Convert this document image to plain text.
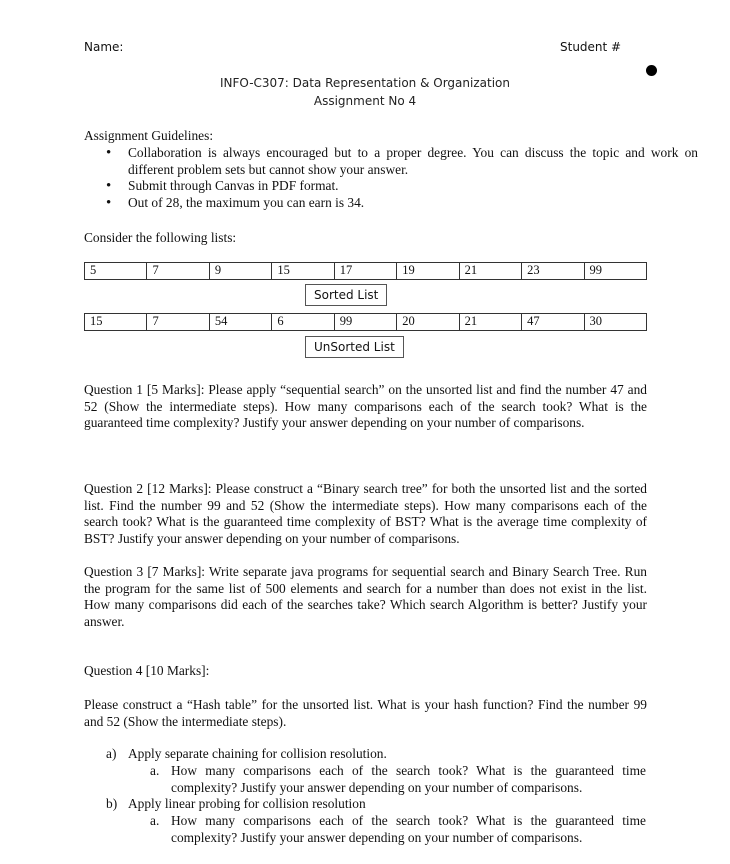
Name:	Student #
INFO-C307: Data Representation & Organization
Assignment No 4
Assignment Guidelines:
• Collaboration is always encouraged but to a proper degree. You can discuss the topic and work on different problem sets but cannot show your answer.
• Submit through Canvas in PDF format.
• Out of 28, the maximum you can earn is 34.
Consider the following lists:
5	7	9	15	17	19	21	23	99
Sorted List
15	7	54	6	99	20	21	47	30
UnSorted List
Question 1 [5 Marks]: Please apply “sequential search” on the unsorted list and find the number 47 and 52 (Show the intermediate steps). How many comparisons each of the search took? What is the guaranteed time complexity? Justify your answer depending on your number of comparisons.
Question 2 [12 Marks]: Please construct a “Binary search tree” for both the unsorted list and the sorted list. Find the number 99 and 52 (Show the intermediate steps). How many comparisons each of the search took? What is the guaranteed time complexity of BST? What is the average time complexity of BST? Justify your answer depending on your number of comparisons.
Question 3 [7 Marks]: Write separate java programs for sequential search and Binary Search Tree. Run the program for the same list of 500 elements and search for a number than does not exist in the list. How many comparisons did each of the searches take? Which search Algorithm is better? Justify your answer.
Question 4 [10 Marks]:
Please construct a “Hash table” for the unsorted list. What is your hash function? Find the number 99 and 52 (Show the intermediate steps).
a) Apply separate chaining for collision resolution.
a. How many comparisons each of the search took? What is the guaranteed time complexity? Justify your answer depending on your number of comparisons.
b) Apply linear probing for collision resolution
a. How many comparisons each of the search took? What is the guaranteed time complexity? Justify your answer depending on your number of comparisons.
